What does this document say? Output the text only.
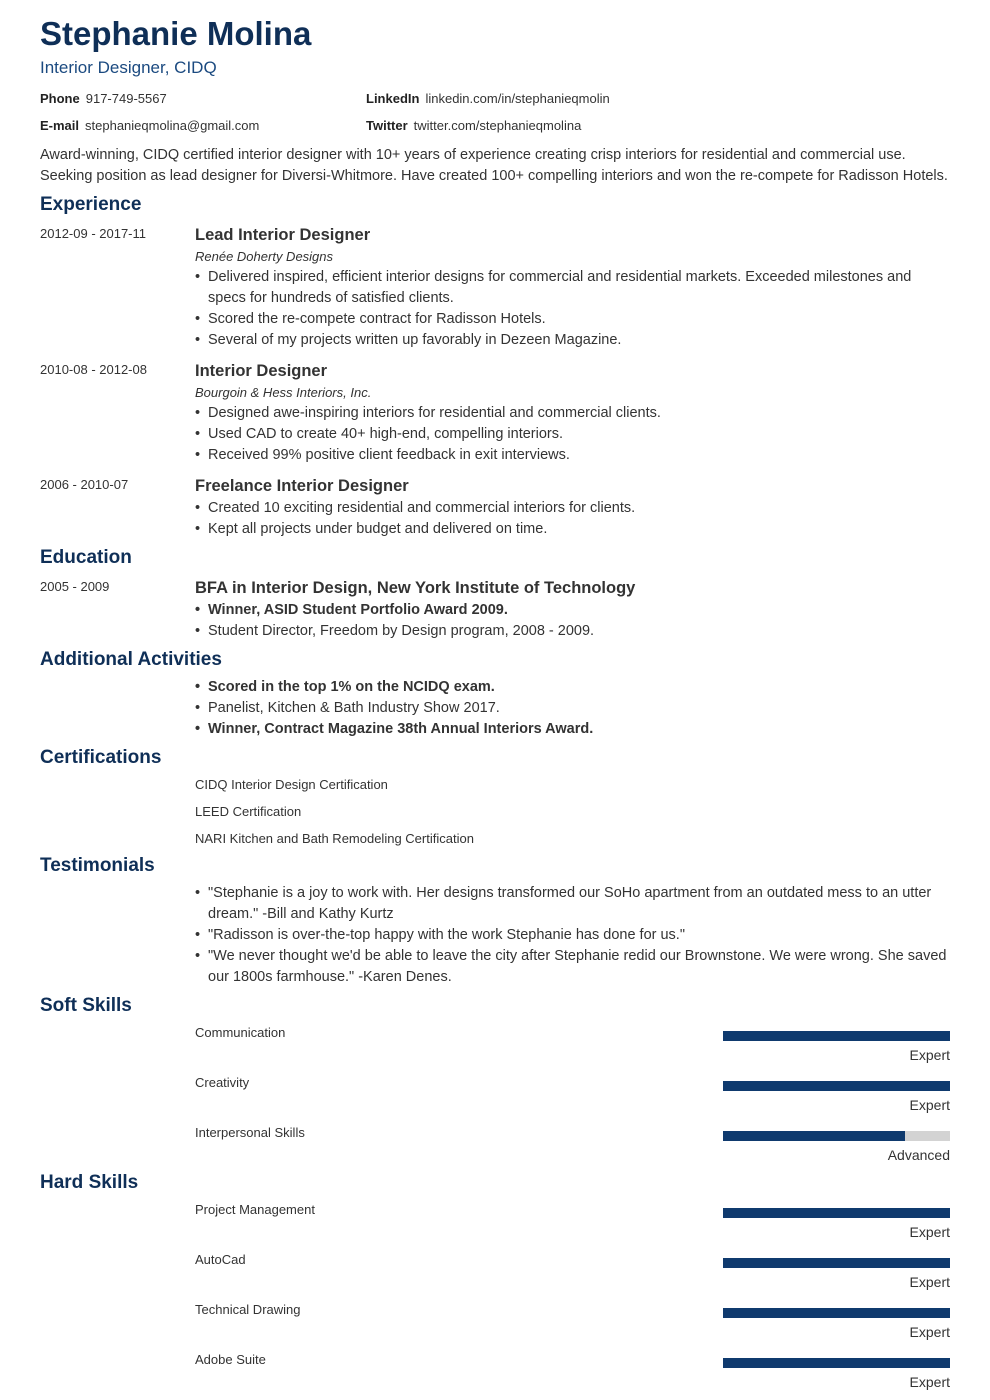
Stephanie Molina
Interior Designer, CIDQ
Phone 917-749-5567	LinkedIn linkedin.com/in/stephanieqmolin
E-mail stephanieqmolina@gmail.com	Twitter twitter.com/stephanieqmolina
Award-winning, CIDQ certified interior designer with 10+ years of experience creating crisp interiors for residential and commercial use. Seeking position as lead designer for Diversi-Whitmore. Have created 100+ compelling interiors and won the re-compete for Radisson Hotels.
Experience
2012-09 - 2017-11	Lead Interior Designer
Renée Doherty Designs
• Delivered inspired, efficient interior designs for commercial and residential markets. Exceeded milestones and specs for hundreds of satisfied clients.
• Scored the re-compete contract for Radisson Hotels.
• Several of my projects written up favorably in Dezeen Magazine.
2010-08 - 2012-08	Interior Designer
Bourgoin & Hess Interiors, Inc.
• Designed awe-inspiring interiors for residential and commercial clients.
• Used CAD to create 40+ high-end, compelling interiors.
• Received 99% positive client feedback in exit interviews.
2006 - 2010-07	Freelance Interior Designer
• Created 10 exciting residential and commercial interiors for clients.
• Kept all projects under budget and delivered on time.
Education
2005 - 2009	BFA in Interior Design, New York Institute of Technology
• Winner, ASID Student Portfolio Award 2009.
• Student Director, Freedom by Design program, 2008 - 2009.
Additional Activities
• Scored in the top 1% on the NCIDQ exam.
• Panelist, Kitchen & Bath Industry Show 2017.
• Winner, Contract Magazine 38th Annual Interiors Award.
Certifications
CIDQ Interior Design Certification
LEED Certification
NARI Kitchen and Bath Remodeling Certification
Testimonials
• "Stephanie is a joy to work with. Her designs transformed our SoHo apartment from an outdated mess to an utter dream." -Bill and Kathy Kurtz
• "Radisson is over-the-top happy with the work Stephanie has done for us."
• "We never thought we'd be able to leave the city after Stephanie redid our Brownstone. We were wrong. She saved our 1800s farmhouse." -Karen Denes.
Soft Skills
Communication
Expert
Creativity
Expert
Interpersonal Skills
Advanced
Hard Skills
Project Management
Expert
AutoCad
Expert
Technical Drawing
Expert
Adobe Suite
Expert
